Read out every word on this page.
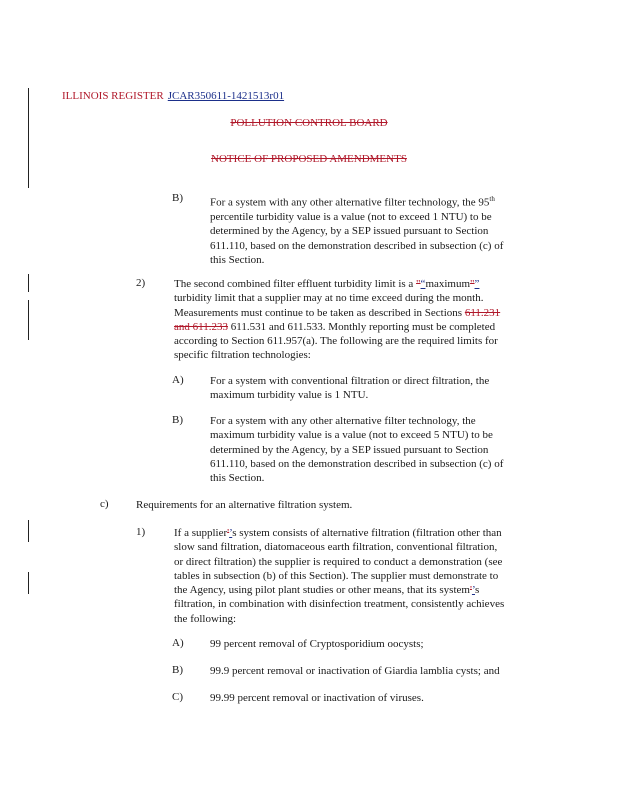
ILLINOIS REGISTER JCAR350611-1421513r01
POLLUTION CONTROL BOARD
NOTICE OF PROPOSED AMENDMENTS
B) For a system with any other alternative filter technology, the 95th

percentile turbidity value is a value (not to exceed 1 NTU) to be

determined by the Agency, by a SEP issued pursuant to Section

611.110, based on the demonstration described in subsection (c) of

this Section.

2)	The second combined filter effluent turbidity limit is a "“maximum"”

turbidity limit that a supplier may at no time exceed during the month.

Measurements must continue to be taken as described in Sections 611.231

and 611.233 611.531 and 611.533. Monthly reporting must be completed

according to Section 611.957(a). The following are the required limits for

specific filtration technologies:

A) For a system with conventional filtration or direct filtration, the

maximum turbidity value is 1 NTU.

B) For a system with any other alternative filter technology, the

maximum turbidity value is a value (not to exceed 5 NTU) to be

determined by the Agency, by a SEP issued pursuant to Section

611.110, based on the demonstration described in subsection (c) of

this Section.

c) Requirements for an alternative filtration system.
1)	If a supplier'’s system consists of alternative filtration (filtration other than

slow sand filtration, diatomaceous earth filtration, conventional filtration,

or direct filtration) the supplier is required to conduct a demonstration (see

tables in subsection (b) of this Section). The supplier must demonstrate to

the Agency, using pilot plant studies or other means, that its system'’s

filtration, in combination with disinfection treatment, consistently achieves

the following:

A) 99 percent removal of Cryptosporidium oocysts;
B) 99.9 percent removal or inactivation of Giardia lamblia cysts; and
C) 99.99 percent removal or inactivation of viruses.
